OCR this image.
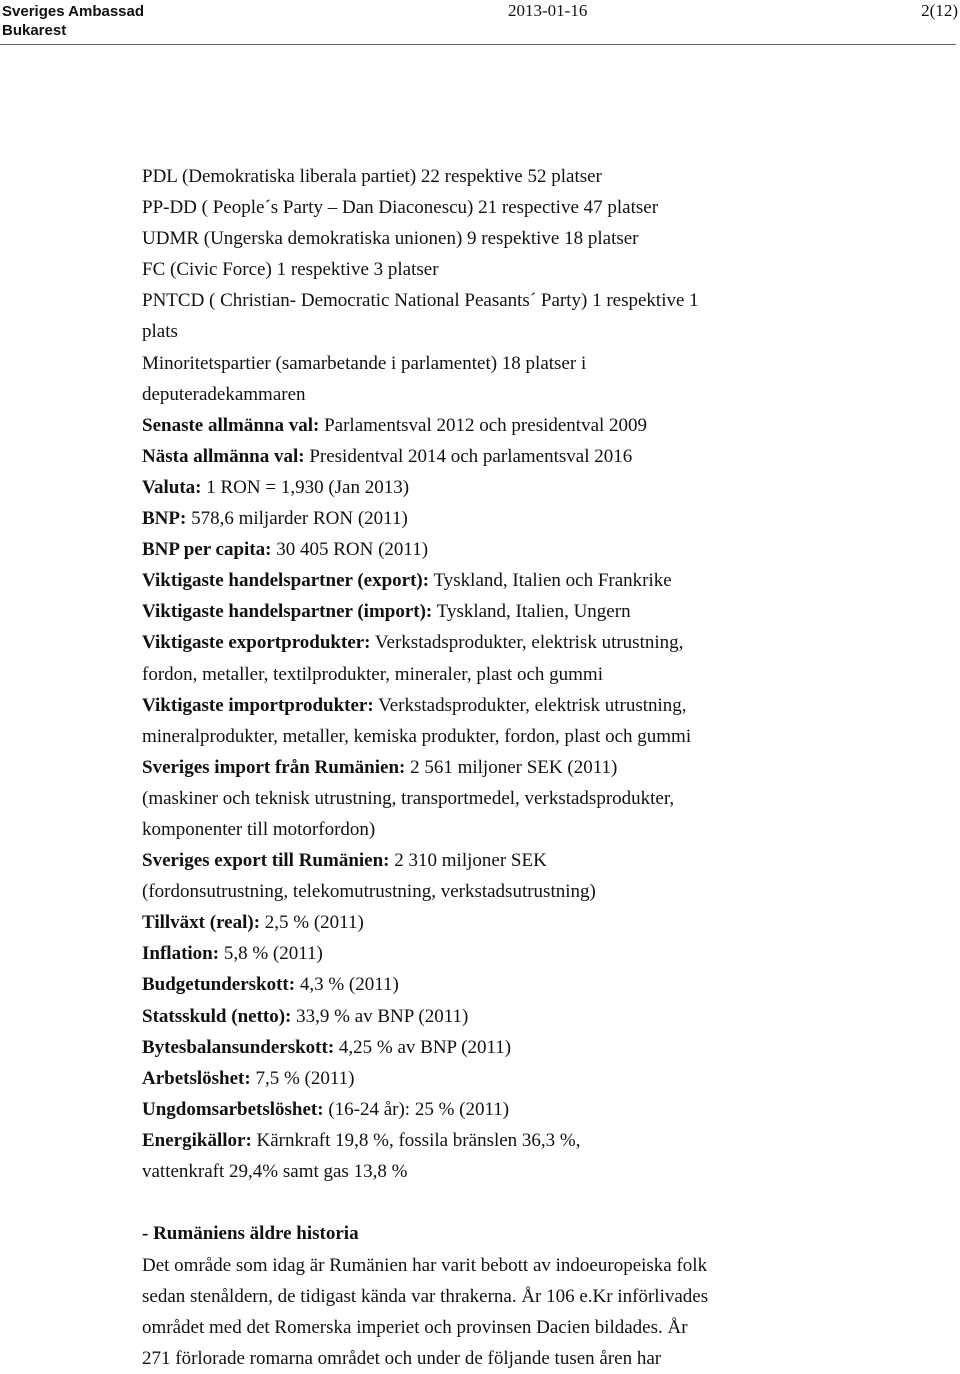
Sveriges Ambassad
Bukarest
2013-01-16	2(12)

PDL (Demokratiska liberala partiet) 22 respektive 52 platser

PP-DD ( People´s Party – Dan Diaconescu) 21 respective 47 platser

UDMR (Ungerska demokratiska unionen) 9 respektive 18 platser

FC (Civic Force) 1 respektive 3 platser

PNTCD ( Christian- Democratic National Peasants´ Party) 1 respektive 1

plats

Minoritetspartier (samarbetande i parlamentet) 18 platser i

deputeradekammaren

Senaste allmänna val: Parlamentsval 2012 och presidentval 2009

Nästa allmänna val: Presidentval 2014 och parlamentsval 2016

Valuta: 1 RON = 1,930 (Jan 2013)

BNP: 578,6 miljarder RON (2011)

BNP per capita: 30 405 RON (2011)

Viktigaste handelspartner (export): Tyskland, Italien och Frankrike

Viktigaste handelspartner (import): Tyskland, Italien, Ungern

Viktigaste exportprodukter: Verkstadsprodukter, elektrisk utrustning,

fordon, metaller, textilprodukter, mineraler, plast och gummi

Viktigaste importprodukter: Verkstadsprodukter, elektrisk utrustning,

mineralprodukter, metaller, kemiska produkter, fordon, plast och gummi

Sveriges import från Rumänien: 2 561 miljoner SEK (2011)

(maskiner och teknisk utrustning, transportmedel, verkstadsprodukter,

komponenter till motorfordon)

Sveriges export till Rumänien: 2 310 miljoner SEK

(fordonsutrustning, telekomutrustning, verkstadsutrustning)

Tillväxt (real): 2,5 % (2011)

Inflation: 5,8 % (2011)

Budgetunderskott: 4,3 % (2011)

Statsskuld (netto): 33,9 % av BNP (2011)

Bytesbalansunderskott: 4,25 % av BNP (2011)

Arbetslöshet: 7,5 % (2011)

Ungdomsarbetslöshet: (16-24 år): 25 % (2011)

Energikällor: Kärnkraft 19,8 %, fossila bränslen 36,3 %,

vattenkraft 29,4% samt gas 13,8 %

- Rumäniens äldre historia

Det område som idag är Rumänien har varit bebott av indoeuropeiska folk

sedan stenåldern, de tidigast kända var thrakerna. År 106 e.Kr införlivades

området med det Romerska imperiet och provinsen Dacien bildades. År

271 förlorade romarna området och under de följande tusen åren har
